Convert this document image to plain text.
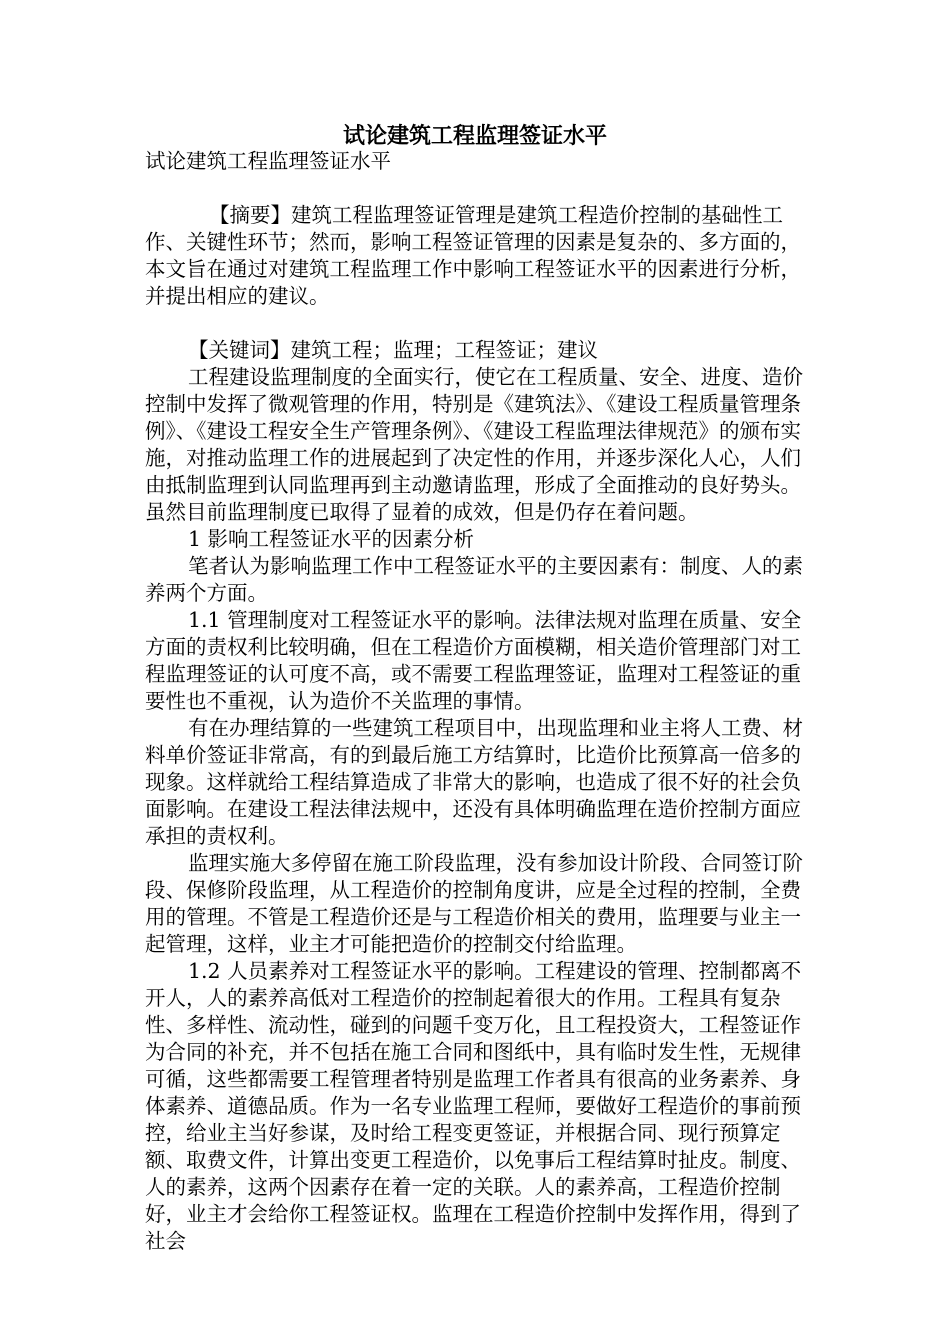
试论建筑工程监理签证水平

试论建筑工程监理签证水平

【摘要】建筑工程监理签证管理是建筑工程造价控制的基础性工作、关键性环节；然而，影响工程签证管理的因素是复杂的、多方面的，本文旨在通过对建筑工程监理工作中影响工程签证水平的因素进行分析，并提出相应的建议。

【关键词】建筑工程；监理；工程签证；建议

工程建设监理制度的全面实行，使它在工程质量、安全、进度、造价控制中发挥了微观管理的作用，特别是《建筑法》、《建设工程质量管理条例》、《建设工程安全生产管理条例》、《建设工程监理法律规范》的颁布实施，对推动监理工作的进展起到了决定性的作用，并逐步深化人心，人们由抵制监理到认同监理再到主动邀请监理，形成了全面推动的良好势头。虽然目前监理制度已取得了显着的成效，但是仍存在着问题。

1 影响工程签证水平的因素分析

笔者认为影响监理工作中工程签证水平的主要因素有：制度、人的素养两个方面。

1.1 管理制度对工程签证水平的影响。法律法规对监理在质量、安全方面的责权利比较明确，但在工程造价方面模糊，相关造价管理部门对工程监理签证的认可度不高，或不需要工程监理签证，监理对工程签证的重要性也不重视，认为造价不关监理的事情。

有在办理结算的一些建筑工程项目中，出现监理和业主将人工费、材料单价签证非常高，有的到最后施工方结算时，比造价比预算高一倍多的现象。这样就给工程结算造成了非常大的影响，也造成了很不好的社会负面影响。在建设工程法律法规中，还没有具体明确监理在造价控制方面应承担的责权利。

监理实施大多停留在施工阶段监理，没有参加设计阶段、合同签订阶段、保修阶段监理，从工程造价的控制角度讲，应是全过程的控制，全费用的管理。不管是工程造价还是与工程造价相关的费用，监理要与业主一起管理，这样，业主才可能把造价的控制交付给监理。

1.2 人员素养对工程签证水平的影响。工程建设的管理、控制都离不开人，人的素养高低对工程造价的控制起着很大的作用。工程具有复杂性、多样性、流动性，碰到的问题千变万化，且工程投资大，工程签证作为合同的补充，并不包括在施工合同和图纸中，具有临时发生性，无规律可循，这些都需要工程管理者特别是监理工作者具有很高的业务素养、身体素养、道德品质。作为一名专业监理工程师，要做好工程造价的事前预控，给业主当好参谋，及时给工程变更签证，并根据合同、现行预算定额、取费文件，计算出变更工程造价，以免事后工程结算时扯皮。制度、人的素养，这两个因素存在着一定的关联。人的素养高，工程造价控制好，业主才会给你工程签证权。监理在工程造价控制中发挥作用，得到了社会
